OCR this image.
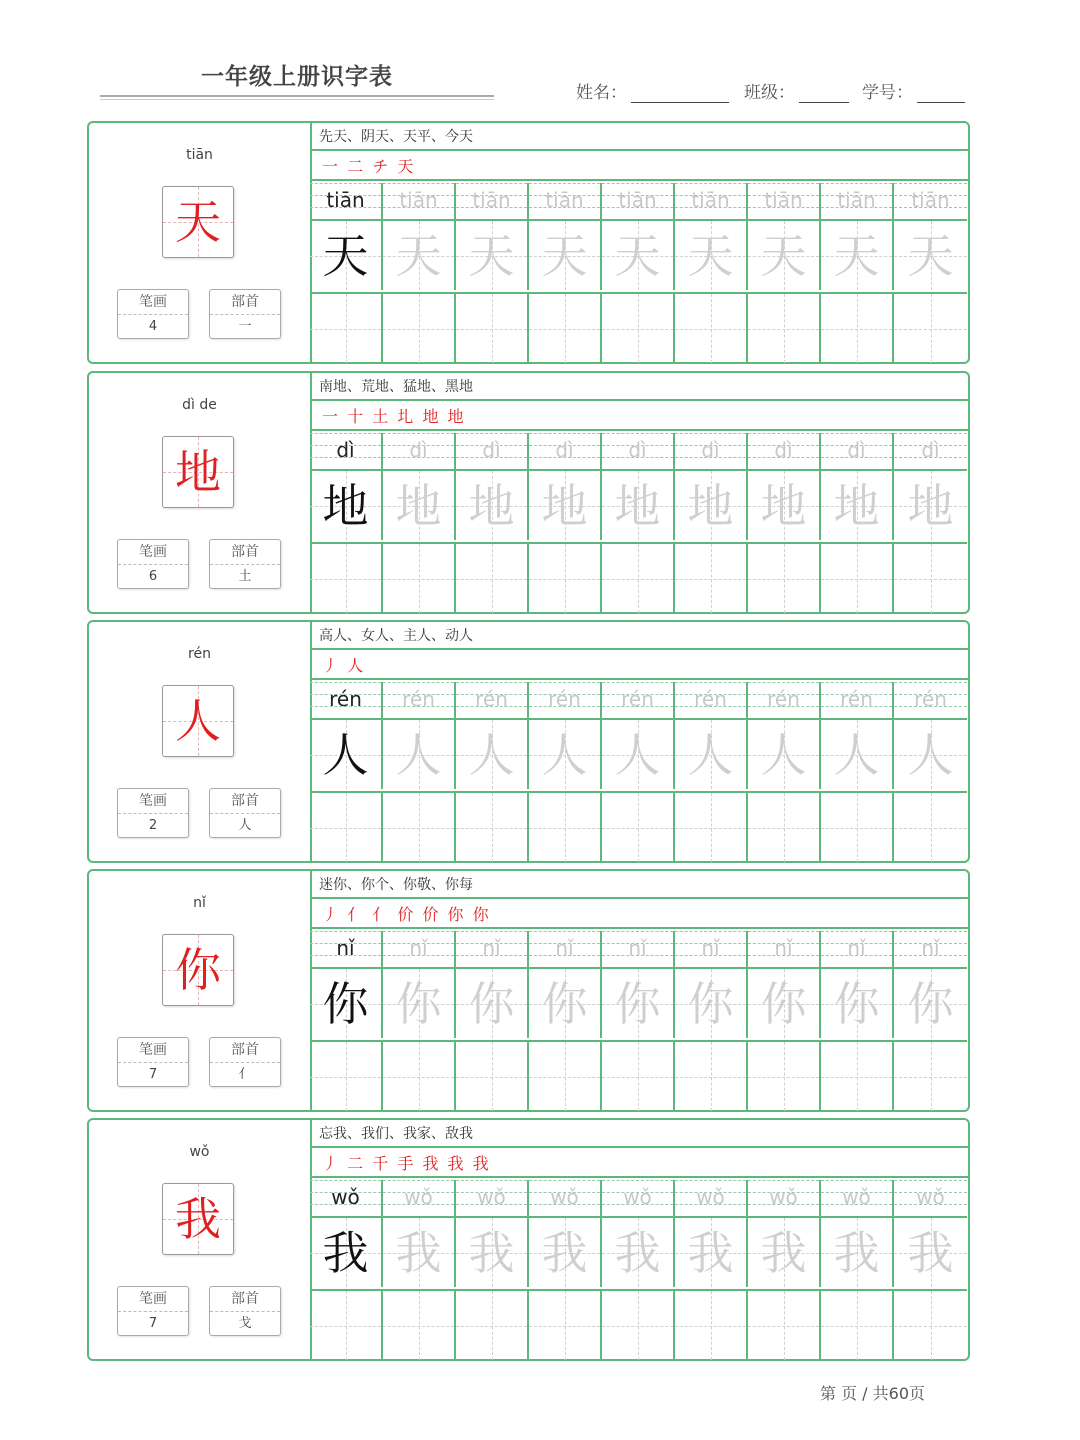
一年级上册识字表
姓名：	班级：	学号：
tiān
天
笔画
4
部首
一
先天、阴天、天平、今天
一 二 チ 天
tiān	tiān	tiān	tiān	tiān	tiān	tiān	tiān	tiān
天 天 天 天 天 天 天 天 天
dì de
地
笔画
6
部首
土
南地、荒地、猛地、黑地
一 十 土 圠 地 地
dì	dì	dì	dì	dì	dì	dì	dì	dì
地 地 地 地 地 地 地 地 地
rén
人
笔画
2
部首
人
高人、女人、主人、动人
丿 人
rén	rén	rén	rén	rén	rén	rén	rén	rén
人 人 人 人 人 人 人 人 人
nǐ
你
笔画
7
部首
亻
迷你、你个、你敬、你每
丿 亻 亻 价 价 你 你
nǐ	nǐ	nǐ	nǐ	nǐ	nǐ	nǐ	nǐ	nǐ
你 你 你 你 你 你 你 你 你
wǒ
我
笔画
7
部首
戈
忘我、我们、我家、敌我
丿 二 千 手 我 我 我
wǒ	wǒ	wǒ	wǒ	wǒ	wǒ	wǒ	wǒ	wǒ
我 我 我 我 我 我 我 我 我
第 页 / 共60页
